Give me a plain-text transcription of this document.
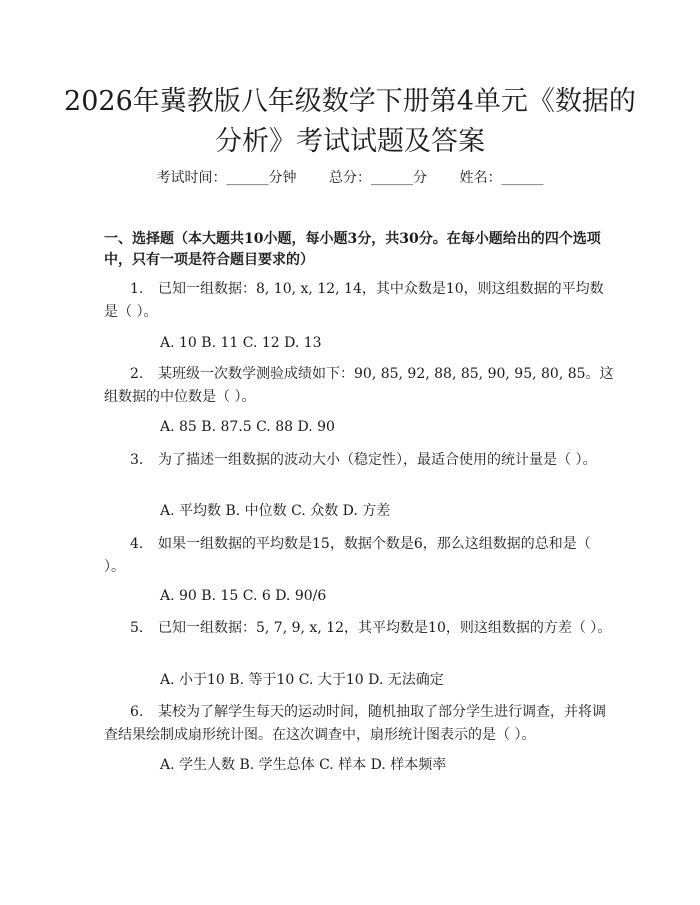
2026年冀教版八年级数学下册第4单元《数据的分析》考试试题及答案
考试时间：______分钟 总分：______分 姓名：______

一、选择题（本大题共10小题，每小题3分，共30分。在每小题给出的四个选项中，只有一项是符合题目要求的）

1. 已知一组数据：8, 10, x, 12, 14，其中众数是10，则这组数据的平均数是（ ）。

A. 10 B. 11 C. 12 D. 13

2. 某班级一次数学测验成绩如下：90, 85, 92, 88, 85, 90, 95, 80, 85。这组数据的中位数是（ ）。

A. 85 B. 87.5 C. 88 D. 90

3. 为了描述一组数据的波动大小（稳定性），最适合使用的统计量是（ ）。

A. 平均数 B. 中位数 C. 众数 D. 方差

4. 如果一组数据的平均数是15，数据个数是6，那么这组数据的总和是（ ）。

A. 90 B. 15 C. 6 D. 90/6

5. 已知一组数据：5, 7, 9, x, 12，其平均数是10，则这组数据的方差（ ）。

A. 小于10 B. 等于10 C. 大于10 D. 无法确定

6. 某校为了解学生每天的运动时间，随机抽取了部分学生进行调查，并将调查结果绘制成扇形统计图。在这次调查中，扇形统计图表示的是（ ）。

A. 学生人数 B. 学生总体 C. 样本 D. 样本频率
